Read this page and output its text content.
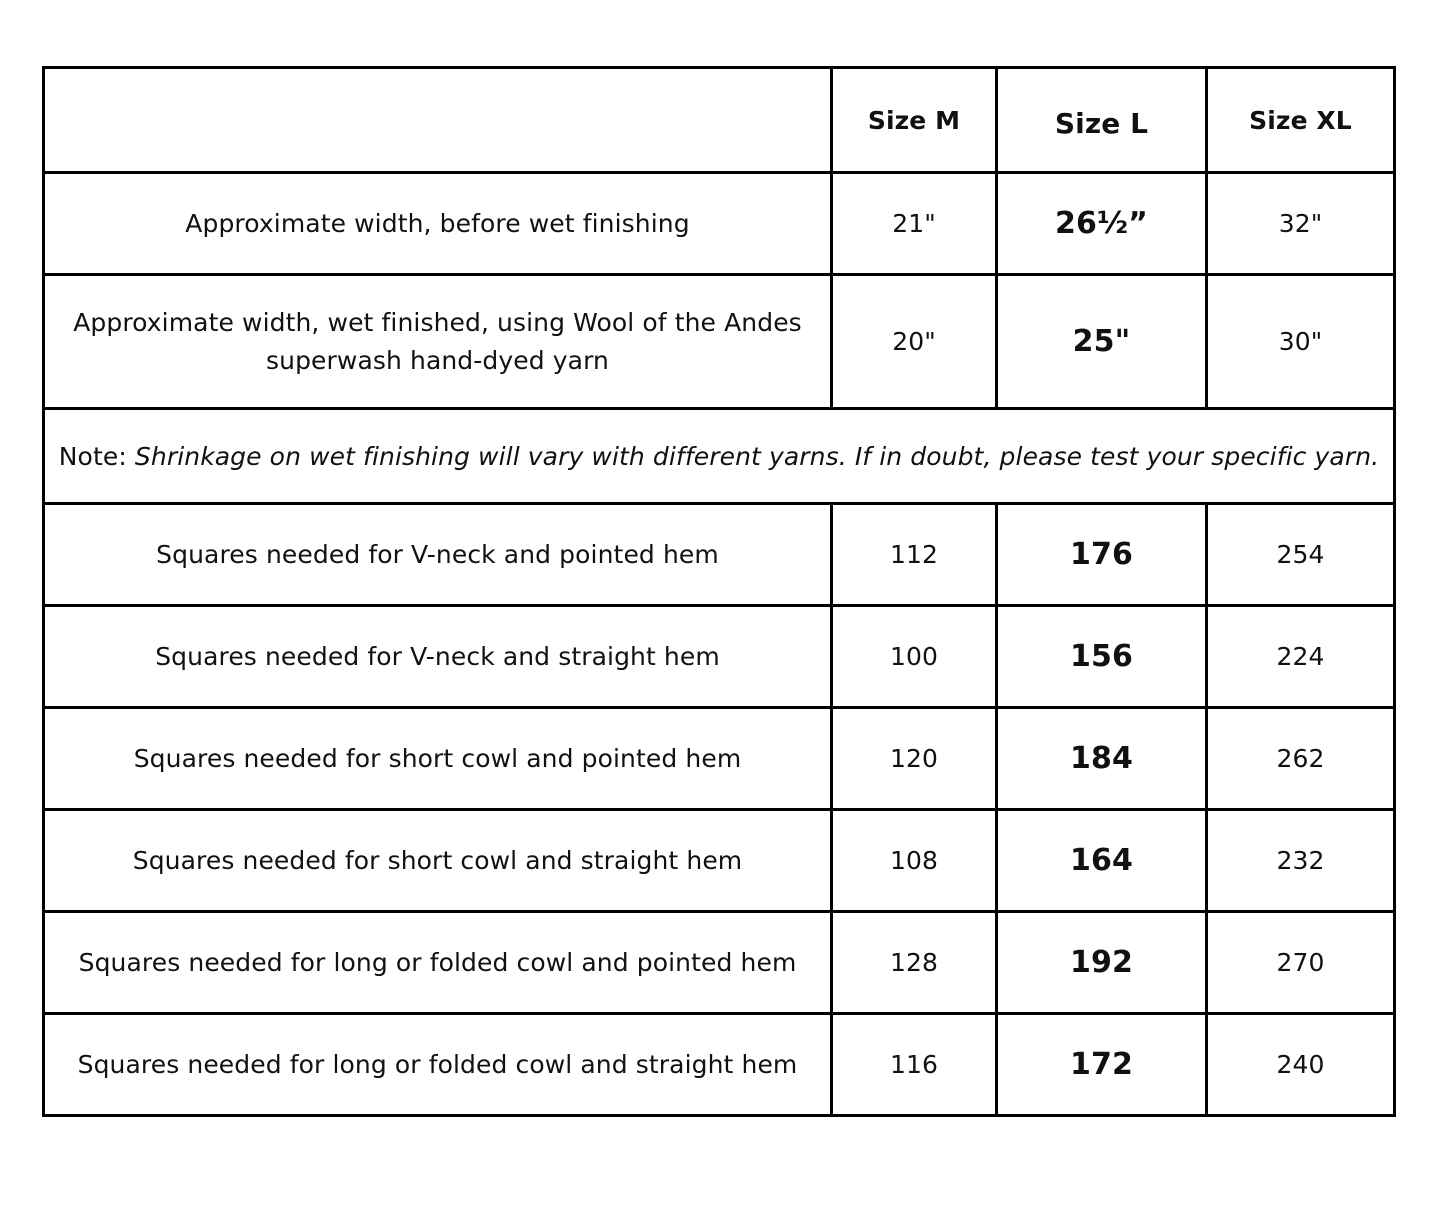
	Size M	Size L	Size XL
Approximate width, before wet finishing	21"	26½”	32"
Approximate width, wet finished, using Wool of the Andes superwash hand-dyed yarn	20"	25"	30"
Note: Shrinkage on wet finishing will vary with different yarns. If in doubt, please test your specific yarn.			
Squares needed for V-neck and pointed hem	112	176	254
Squares needed for V-neck and straight hem	100	156	224
Squares needed for short cowl and pointed hem	120	184	262
Squares needed for short cowl and straight hem	108	164	232
Squares needed for long or folded cowl and pointed hem	128	192	270
Squares needed for long or folded cowl and straight hem	116	172	240
